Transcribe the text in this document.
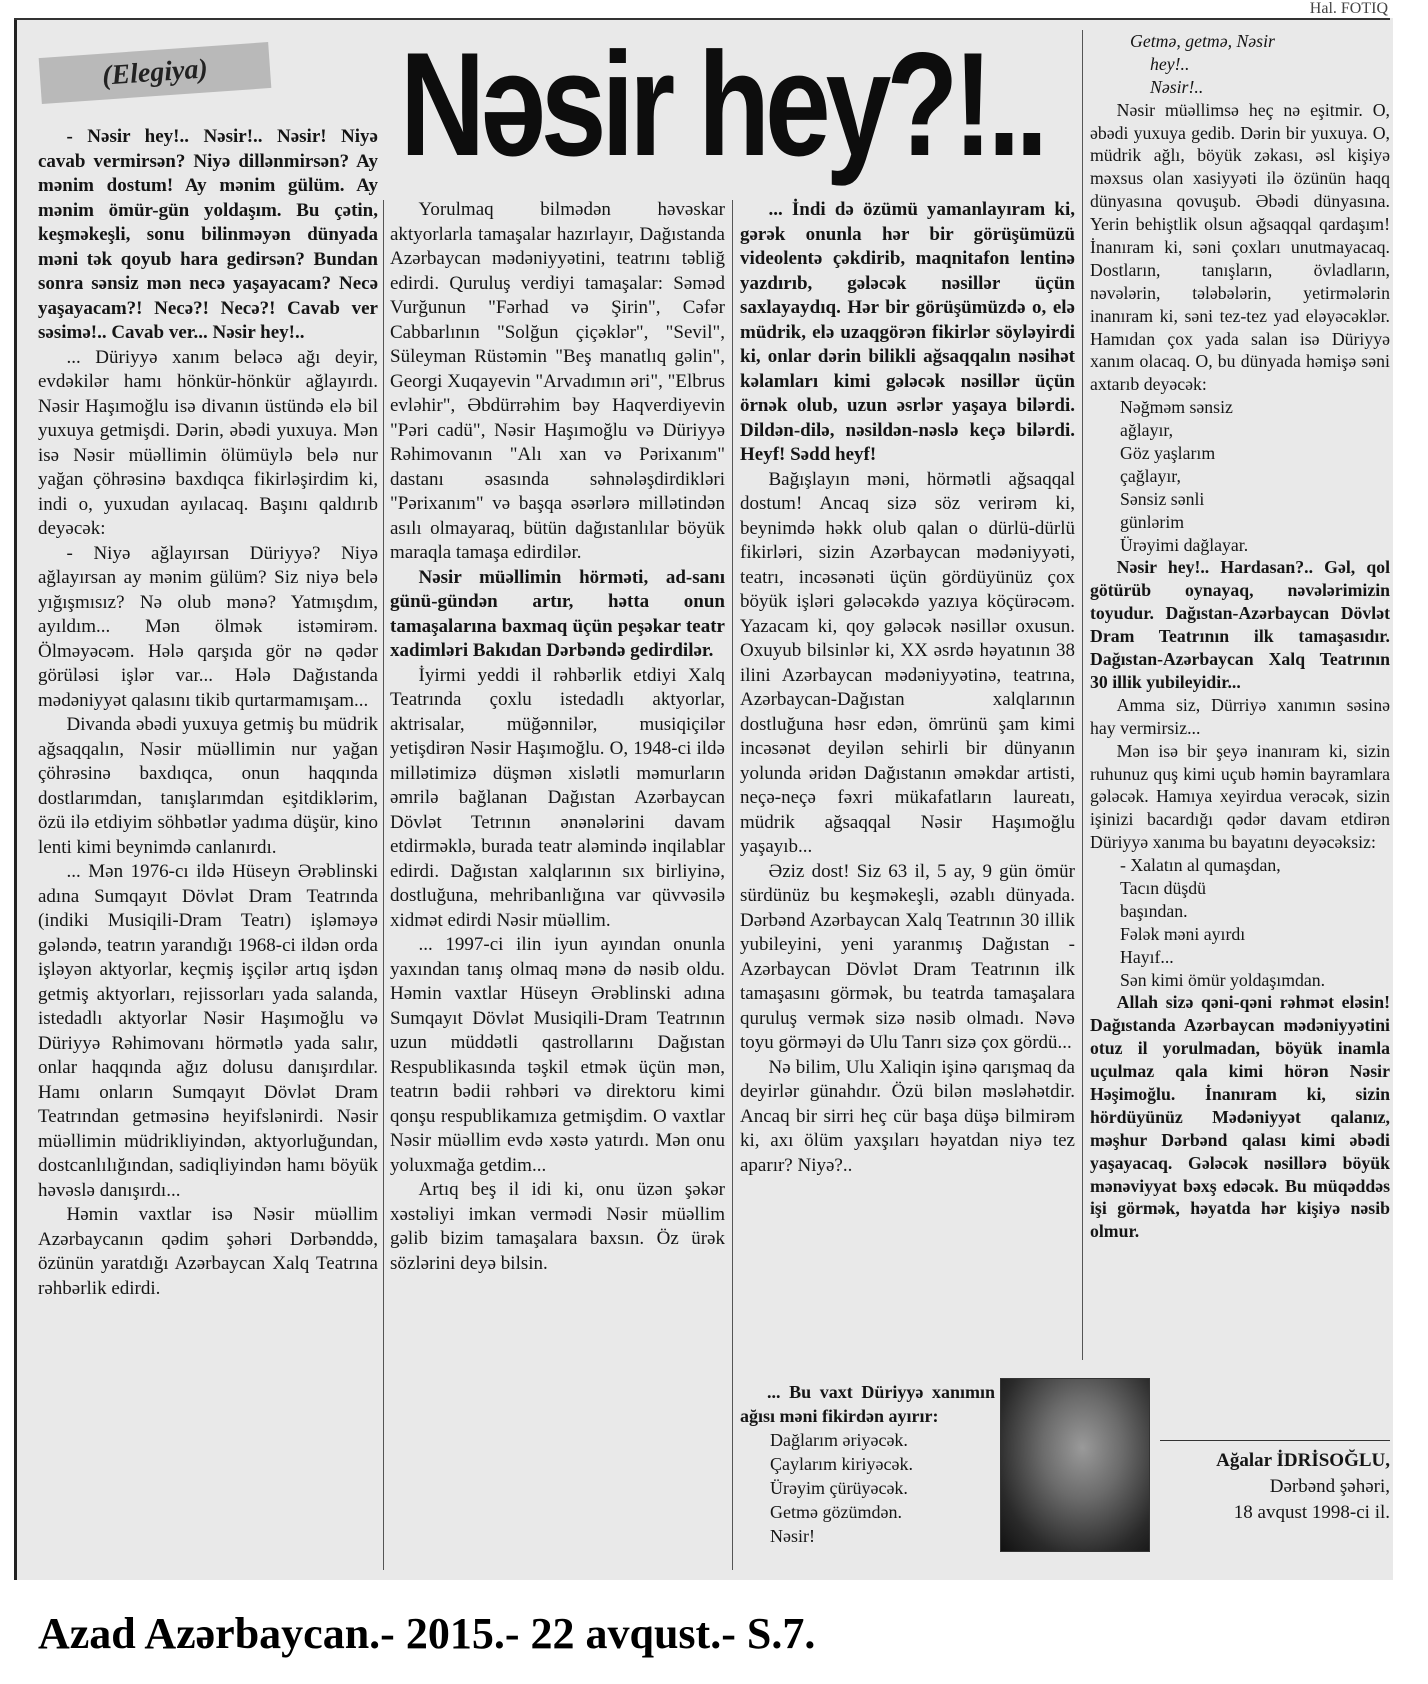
Hal. FOTIQ
(Elegiya)	Nəsir hey?!..

- Nəsir hey!.. Nəsir!.. Nəsir! Niyə cavab vermirsən? Niyə dillənmirsən? Ay mənim dostum! Ay mənim gülüm. Ay mənim ömür-gün yoldaşım. Bu çətin, keşməkeşli, sonu bilinməyən dünyada məni tək qoyub hara gedirsən? Bundan sonra sənsiz mən necə yaşayacam? Necə yaşayacam?! Necə?! Necə?! Cavab ver səsimə!.. Cavab ver... Nəsir hey!..

... Düriyyə xanım beləcə ağı deyir, evdəkilər hamı hönkür-hönkür ağlayırdı. Nəsir Haşımoğlu isə divanın üstündə elə bil yuxuya getmişdi. Dərin, əbədi yuxuya. Mən isə Nəsir müəllimin ölümüylə belə nur yağan çöhrəsinə baxdıqca fikirləşirdim ki, indi o, yuxudan ayılacaq. Başını qaldırıb deyəcək:

- Niyə ağlayırsan Düriyyə? Niyə ağlayırsan ay mənim gülüm? Siz niyə belə yığışmısız? Nə olub mənə? Yatmışdım, ayıldım... Mən ölmək istəmirəm. Ölməyəcəm. Hələ qarşıda gör nə qədər görüləsi işlər var... Hələ Dağıstanda mədəniyyət qalasını tikib qurtarmamışam...

Divanda əbədi yuxuya getmiş bu müdrik ağsaqqalın, Nəsir müəllimin nur yağan çöhrəsinə baxdıqca, onun haqqında dostlarımdan, tanışlarımdan eşitdiklərim, özü ilə etdiyim söhbətlər yadıma düşür, kino lenti kimi beynimdə canlanırdı.

... Mən 1976-cı ildə Hüseyn Ərəblinski adına Sumqayıt Dövlət Dram Teatrında (indiki Musiqili-Dram Teatrı) işləməyə gələndə, teatrın yarandığı 1968-ci ildən orda işləyən aktyorlar, keçmiş işçilər artıq işdən getmiş aktyorları, rejissorları yada salanda, istedadlı aktyorlar Nəsir Haşımoğlu və Düriyyə Rəhimovanı hörmətlə yada salır, onlar haqqında ağız dolusu danışırdılar. Hamı onların Sumqayıt Dövlət Dram Teatrından getməsinə heyifslənirdi. Nəsir müəllimin müdrikliyindən, aktyorluğundan, dostcanlılığından, sadiqliyindən hamı böyük həvəslə danışırdı...

Həmin vaxtlar isə Nəsir müəllim Azərbaycanın qədim şəhəri Dərbənddə, özünün yaratdığı Azərbaycan Xalq Teatrına rəhbərlik edirdi.

Yorulmaq bilmədən həvəskar aktyorlarla tamaşalar hazırlayır, Dağıstanda Azərbaycan mədəniyyətini, teatrını təbliğ edirdi. Quruluş verdiyi tamaşalar: Səməd Vurğunun "Fərhad və Şirin", Cəfər Cabbarlının "Solğun çiçəklər", "Sevil", Süleyman Rüstəmin "Beş manatlıq gəlin", Georgi Xuqayevin "Arvadımın əri", "Elbrus evləhir", Əbdürrəhim bəy Haqverdiyevin "Pəri cadü", Nəsir Haşımoğlu və Düriyyə Rəhimovanın "Alı xan və Pərixanım" dastanı əsasında səhnələşdirdikləri "Pərixanım" və başqa əsərlərə millətindən asılı olmayaraq, bütün dağıstanlılar böyük maraqla tamaşa edirdilər.

Nəsir müəllimin hörməti, ad-sanı günü-gündən artır, hətta onun tamaşalarına baxmaq üçün peşəkar teatr xadimləri Bakıdan Dərbəndə gedirdilər.

İyirmi yeddi il rəhbərlik etdiyi Xalq Teatrında çoxlu istedadlı aktyorlar, aktrisalar, müğənnilər, musiqiçilər yetişdirən Nəsir Haşımoğlu. O, 1948-ci ildə millətimizə düşmən xislətli məmurların əmrilə bağlanan Dağıstan Azərbaycan Dövlət Tetrının ənənələrini davam etdirməklə, burada teatr aləmində inqilablar edirdi. Dağıstan xalqlarının sıx birliyinə, dostluğuna, mehribanlığına var qüvvəsilə xidmət edirdi Nəsir müəllim.

... 1997-ci ilin iyun ayından onunla yaxından tanış olmaq mənə də nəsib oldu. Həmin vaxtlar Hüseyn Ərəblinski adına Sumqayıt Dövlət Musiqili-Dram Teatrının uzun müddətli qastrollarını Dağıstan Respublikasında təşkil etmək üçün mən, teatrın bədii rəhbəri və direktoru kimi qonşu respublikamıza getmişdim. O vaxtlar Nəsir müəllim evdə xəstə yatırdı. Mən onu yoluxmağa getdim...

Artıq beş il idi ki, onu üzən şəkər xəstəliyi imkan vermədi Nəsir müəllim gəlib bizim tamaşalara baxsın. Öz ürək sözlərini deyə bilsin.

... İndi də özümü yamanlayıram ki, gərək onunla hər bir görüşümüzü videolentə çəkdirib, maqnitafon lentinə yazdırıb, gələcək nəsillər üçün saxlayaydıq. Hər bir görüşümüzdə o, elə müdrik, elə uzaqgörən fikirlər söyləyirdi ki, onlar dərin bilikli ağsaqqalın nəsihət kəlamları kimi gələcək nəsillər üçün örnək olub, uzun əsrlər yaşaya bilərdi. Dildən-dilə, nəsildən-nəslə keçə bilərdi. Heyf! Sədd heyf!

Bağışlayın məni, hörmətli ağsaqqal dostum! Ancaq sizə söz verirəm ki, beynimdə həkk olub qalan o dürlü-dürlü fikirləri, sizin Azərbaycan mədəniyyəti, teatrı, incəsənəti üçün gördüyünüz çox böyük işləri gələcəkdə yazıya köçürəcəm. Yazacam ki, qoy gələcək nəsillər oxusun. Oxuyub bilsinlər ki, XX əsrdə həyatının 38 ilini Azərbaycan mədəniyyətinə, teatrına, Azərbaycan-Dağıstan xalqlarının dostluğuna həsr edən, ömrünü şam kimi incəsənət deyilən sehirli bir dünyanın yolunda əridən Dağıstanın əməkdar artisti, neçə-neçə fəxri mükafatların laureatı, müdrik ağsaqqal Nəsir Haşımoğlu yaşayıb...

Əziz dost! Siz 63 il, 5 ay, 9 gün ömür sürdünüz bu keşməkeşli, əzablı dünyada. Dərbənd Azərbaycan Xalq Teatrının 30 illik yubileyini, yeni yaranmış Dağıstan - Azərbaycan Dövlət Dram Teatrının ilk tamaşasını görmək, bu teatrda tamaşalara quruluş vermək sizə nəsib olmadı. Nəvə toyu görməyi də Ulu Tanrı sizə çox gördü...

Nə bilim, Ulu Xaliqin işinə qarışmaq da deyirlər günahdır. Özü bilən məsləhətdir. Ancaq bir sirri heç cür başa düşə bilmirəm ki, axı ölüm yaxşıları həyatdan niyə tez aparır? Niyə?..

... Bu vaxt Düriyyə xanımın ağısı məni fikirdən ayırır:
Dağlarım əriyəcək.
Çaylarım kiriyəcək.
Ürəyim çürüyəcək.
Getmə gözümdən.
Nəsir!
Getmə, getmə, Nəsir
hey!..
Nəsir!..

Nəsir müəllimsə heç nə eşitmir. O, əbədi yuxuya gedib. Dərin bir yuxuya. O, müdrik ağlı, böyük zəkası, əsl kişiyə məxsus olan xasiyyəti ilə özünün haqq dünyasına qovuşub. Əbədi dünyasına. Yerin behiştlik olsun ağsaqqal qardaşım! İnanıram ki, səni çoxları unutmayacaq. Dostların, tanışların, övladların, nəvələrin, tələbələrin, yetirmələrin inanıram ki, səni tez-tez yad eləyəcəklər. Hamıdan çox yada salan isə Düriyyə xanım olacaq. O, bu dünyada həmişə səni axtarıb deyəcək:

Nəğməm sənsiz
ağlayır,
Göz yaşlarım
çağlayır,
Sənsiz sənli
günlərim
Ürəyimi dağlayar.

Nəsir hey!.. Hardasan?.. Gəl, qol götürüb oynayaq, nəvələrimizin toyudur. Dağıstan-Azərbaycan Dövlət Dram Teatrının ilk tamaşasıdır. Dağıstan-Azərbaycan Xalq Teatrının 30 illik yubileyidir...

Amma siz, Dürriyə xanımın səsinə hay vermirsiz...

Mən isə bir şeyə inanıram ki, sizin ruhunuz quş kimi uçub həmin bayramlara gələcək. Hamıya xeyirdua verəcək, sizin işinizi bacardığı qədər davam etdirən Düriyyə xanıma bu bayatını deyəcəksiz:

- Xalatın al qumaşdan,
Tacın düşdü
başından.
Fələk məni ayırdı
Hayıf...
Sən kimi ömür yoldaşımdan.

Allah sizə qəni-qəni rəhmət eləsin! Dağıstanda Azərbaycan mədəniyyətini otuz il yorulmadan, böyük inamla uçulmaz qala kimi hörən Nəsir Həşimoğlu. İnanıram ki, sizin hördüyünüz Mədəniyyət qalanız, məşhur Dərbənd qalası kimi əbədi yaşayacaq. Gələcək nəsillərə böyük mənəviyyat bəxş edəcək. Bu müqəddəs işi görmək, həyatda hər kişiyə nəsib olmur.

Ağalar İDRİSOĞLU,
Dərbənd şəhəri,
18 avqust 1998-ci il.
Azad Azərbaycan.- 2015.- 22 avqust.- S.7.
